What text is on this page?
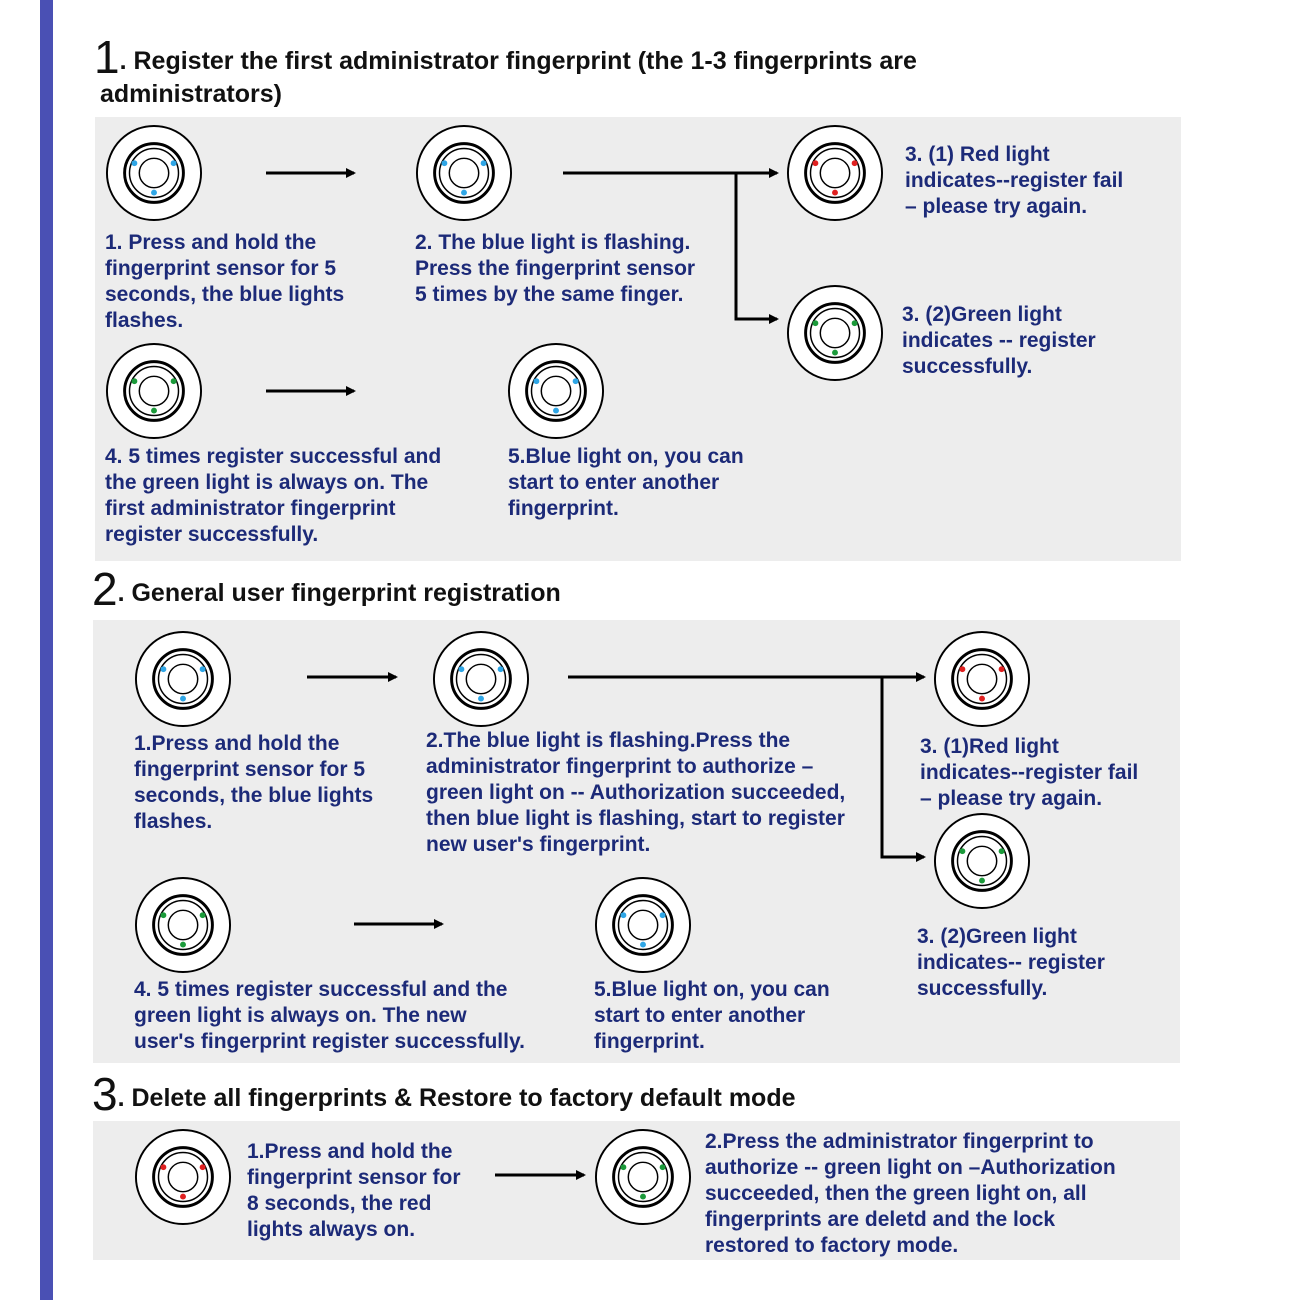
1. Register the first administrator fingerprint (the 1-3 fingerprints are
administrators)
2. General user fingerprint registration
3. Delete all fingerprints & Restore to factory default mode
1. Press and hold the
fingerprint sensor for 5
seconds, the blue lights
flashes.
2. The blue light is flashing.
Press the fingerprint sensor
5 times by the same finger.
3. (1) Red light
indicates--register fail
– please try again.
3. (2)Green light
indicates -- register
successfully.
4. 5 times register successful and
the green light is always on. The
first administrator fingerprint
register successfully.
5.Blue light on, you can
start to enter another
fingerprint.
1.Press and hold the
fingerprint sensor for 5
seconds, the blue lights
flashes.
2.The blue light is flashing.Press the
administrator fingerprint to authorize –
green light on -- Authorization succeeded,
then blue light is flashing, start to register
new user's fingerprint.
3. (1)Red light
indicates--register fail
– please try again.
3. (2)Green light
indicates-- register
successfully.
4. 5 times register successful and the
green light is always on. The new
user's fingerprint register successfully.
5.Blue light on, you can
start to enter another
fingerprint.
1.Press and hold the
fingerprint sensor for
8 seconds, the red
lights always on.
2.Press the administrator fingerprint to
authorize -- green light on –Authorization
succeeded, then the green light on, all
fingerprints are deletd and the lock
restored to factory mode.
